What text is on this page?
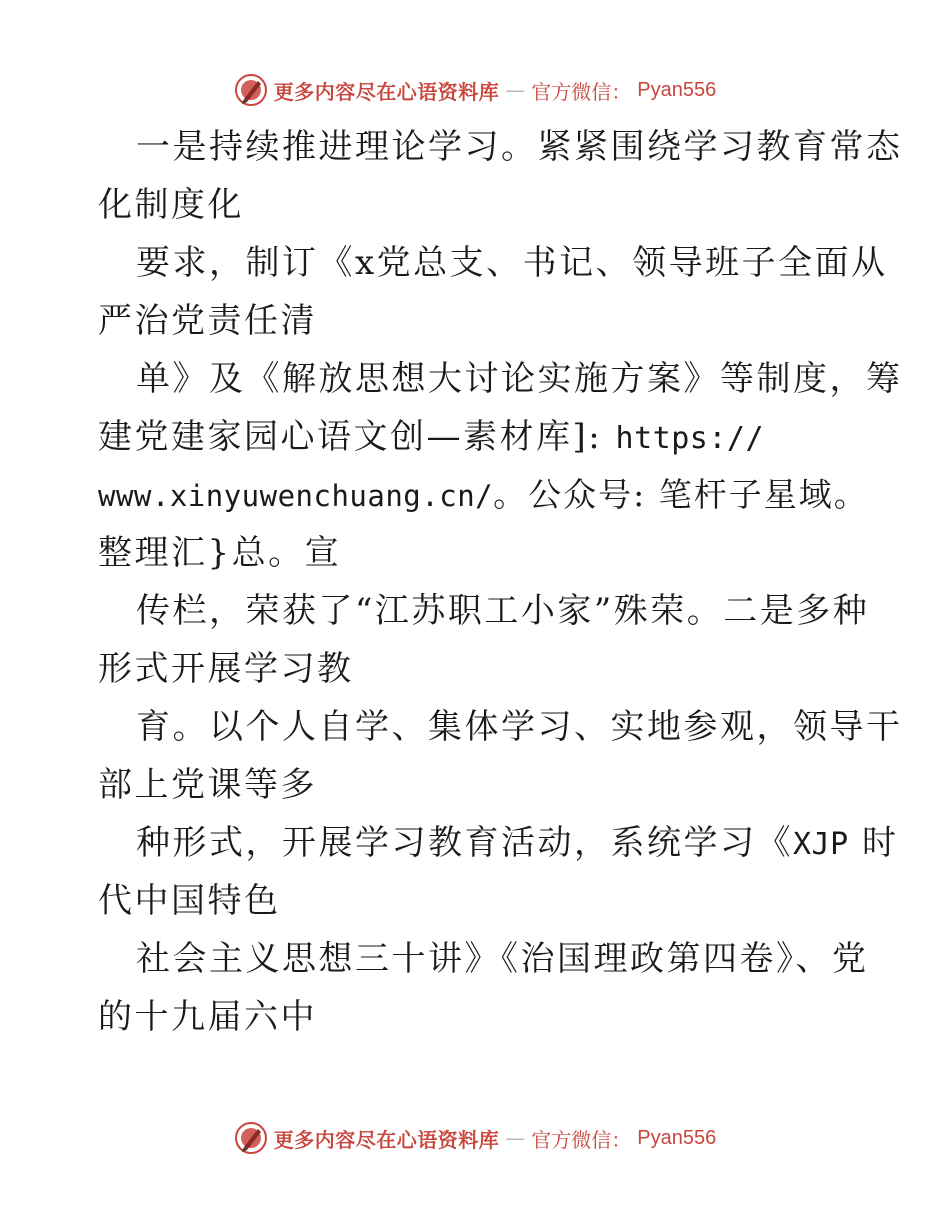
更多内容尽在心语资料库 — 官方微信： Pyan556
一是持续推进理论学习。紧紧围绕学习教育常态
化制度化
要求，制订《x党总支、书记、领导班子全面从
严治党责任清
单》及《解放思想大讨论实施方案》等制度，筹
建党建家园心语文创—素材库]: https://
www.xinyuwenchuang.cn/。公众号: 笔杆子星域。
整理汇}总。宣
传栏，荣获了“江苏职工小家”殊荣。二是多种
形式开展学习教
育。以个人自学、集体学习、实地参观，领导干
部上党课等多
种形式，开展学习教育活动，系统学习《XJP 时
代中国特色
社会主义思想三十讲》《治国理政第四卷》、党
的十九届六中
更多内容尽在心语资料库 — 官方微信： Pyan556
